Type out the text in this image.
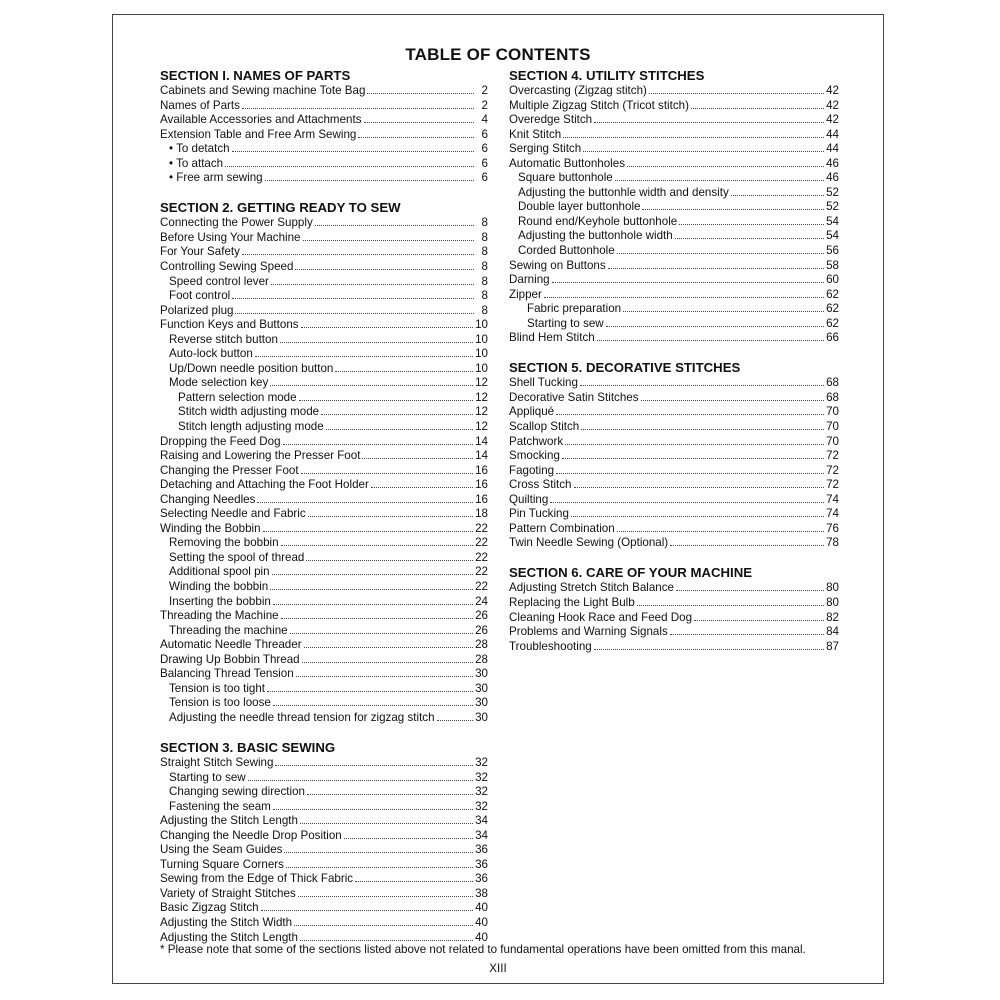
TABLE OF CONTENTS
SECTION I. NAMES OF PARTS
Cabinets and Sewing machine Tote Bag	2
Names of Parts	2
Available Accessories and Attachments	4
Extension Table and Free Arm Sewing	6
• To detatch	6
• To attach	6
• Free arm sewing	6
SECTION 2. GETTING READY TO SEW
Connecting the Power Supply	8
Before Using Your Machine	8
For Your Safety	8
Controlling Sewing Speed	8
Speed control lever	8
Foot control	8
Polarized plug	8
Function Keys and Buttons	10
Reverse stitch button	10
Auto-lock button	10
Up/Down needle position button	10
Mode selection key	12
Pattern selection mode	12
Stitch width adjusting mode	12
Stitch length adjusting mode	12
Dropping the Feed Dog	14
Raising and Lowering the Presser Foot	14
Changing the Presser Foot	16
Detaching and Attaching the Foot Holder	16
Changing Needles	16
Selecting Needle and Fabric	18
Winding the Bobbin	22
Removing the bobbin	22
Setting the spool of thread	22
Additional spool pin	22
Winding the bobbin	22
Inserting the bobbin	24
Threading the Machine	26
Threading the machine	26
Automatic Needle Threader	28
Drawing Up Bobbin Thread	28
Balancing Thread Tension	30
Tension is too tight	30
Tension is too loose	30
Adjusting the needle thread tension for zigzag stitch	30
SECTION 3. BASIC SEWING
Straight Stitch Sewing	32
Starting to sew	32
Changing sewing direction	32
Fastening the seam	32
Adjusting the Stitch Length	34
Changing the Needle Drop Position	34
Using the Seam Guides	36
Turning Square Corners	36
Sewing from the Edge of Thick Fabric	36
Variety of Straight Stitches	38
Basic Zigzag Stitch	40
Adjusting the Stitch Width	40
Adjusting the Stitch Length	40
SECTION 4. UTILITY STITCHES
Overcasting (Zigzag stitch)	42
Multiple Zigzag Stitch (Tricot stitch)	42
Overedge Stitch	42
Knit Stitch	44
Serging Stitch	44
Automatic Buttonholes	46
Square buttonhole	46
Adjusting the buttonhle width and density	52
Double layer buttonhole	52
Round end/Keyhole buttonhole	54
Adjusting the buttonhole width	54
Corded Buttonhole	56
Sewing on Buttons	58
Darning	60
Zipper	62
Fabric preparation	62
Starting to sew	62
Blind Hem Stitch	66
SECTION 5. DECORATIVE STITCHES
Shell Tucking	68
Decorative Satin Stitches	68
Appliqué	70
Scallop Stitch	70
Patchwork	70
Smocking	72
Fagoting	72
Cross Stitch	72
Quilting	74
Pin Tucking	74
Pattern Combination	76
Twin Needle Sewing (Optional)	78
SECTION 6. CARE OF YOUR MACHINE
Adjusting Stretch Stitch Balance	80
Replacing the Light Bulb	80
Cleaning Hook Race and Feed Dog	82
Problems and Warning Signals	84
Troubleshooting	87
* Please note that some of the sections listed above not related to fundamental operations have been omitted from this manal.
XIII
